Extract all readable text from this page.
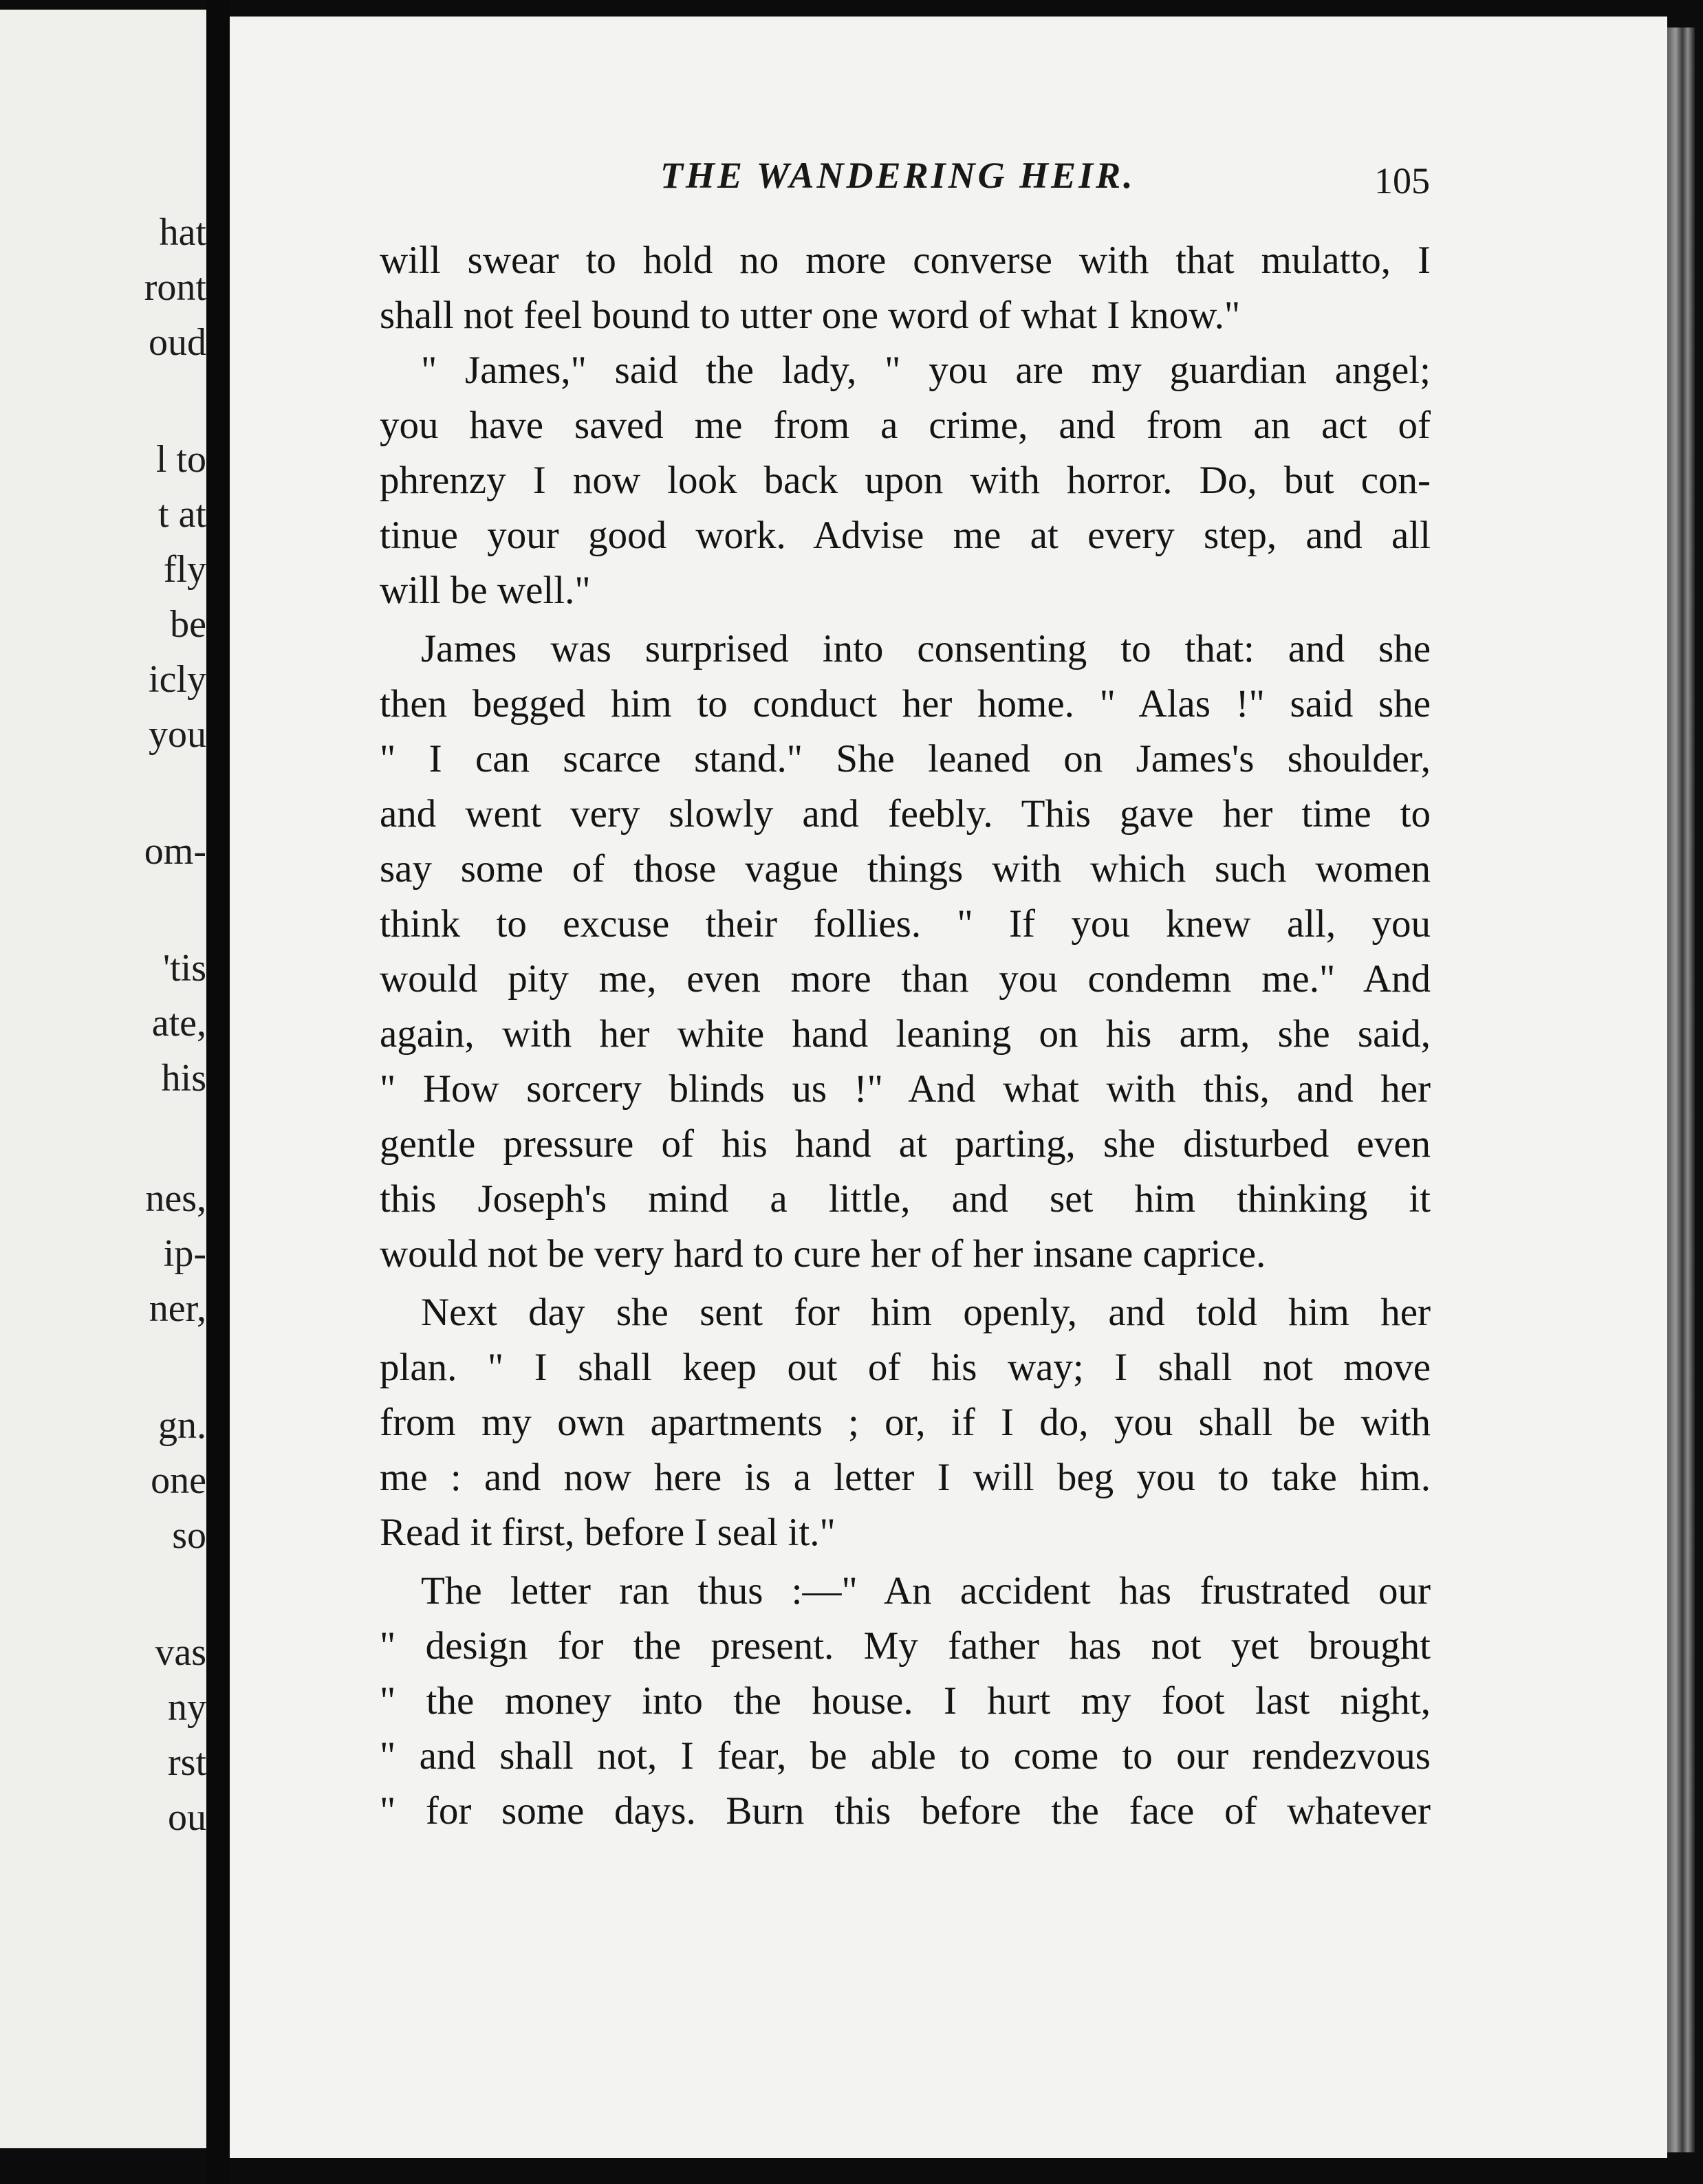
hat
ront
oud
l to
t at
fly
be
icly
you
om-
'tis
ate,
his
nes,
ip-
ner,
gn.
one
so
vas
ny
rst
ou
THE WANDERING HEIR.	105
will swear to hold no more converse with that mulatto, I
shall not feel bound to utter one word of what I know."
" James," said the lady, " you are my guardian angel;
you have saved me from a crime, and from an act of
phrenzy I now look back upon with horror. Do, but con-
tinue your good work. Advise me at every step, and all
will be well."
James was surprised into consenting to that: and she
then begged him to conduct her home. " Alas !" said she
" I can scarce stand." She leaned on James's shoulder,
and went very slowly and feebly. This gave her time to
say some of those vague things with which such women
think to excuse their follies. " If you knew all, you
would pity me, even more than you condemn me." And
again, with her white hand leaning on his arm, she said,
" How sorcery blinds us !" And what with this, and her
gentle pressure of his hand at parting, she disturbed even
this Joseph's mind a little, and set him thinking it
would not be very hard to cure her of her insane caprice.
Next day she sent for him openly, and told him her
plan. " I shall keep out of his way; I shall not move
from my own apartments ; or, if I do, you shall be with
me : and now here is a letter I will beg you to take him.
Read it first, before I seal it."
The letter ran thus :—" An accident has frustrated our
" design for the present. My father has not yet brought
" the money into the house. I hurt my foot last night,
" and shall not, I fear, be able to come to our rendezvous
" for some days. Burn this before the face of whatever
